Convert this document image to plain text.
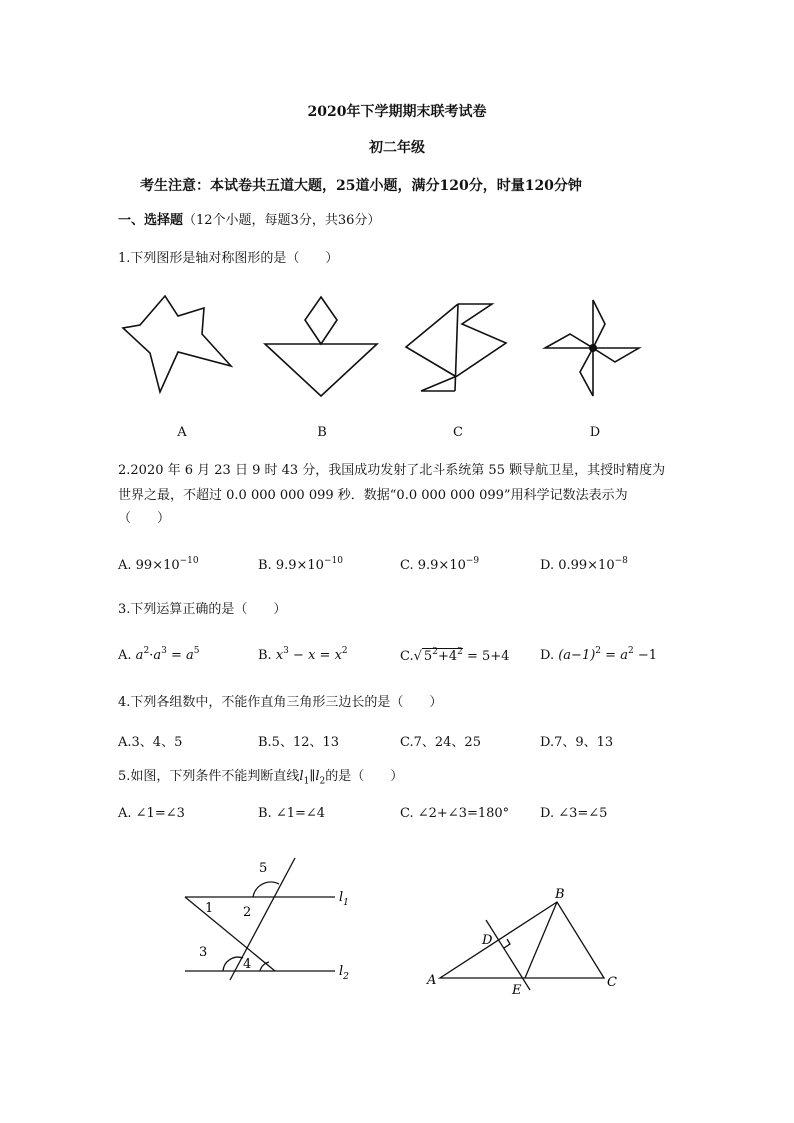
2020年下学期期末联考试卷
初二年级
考生注意：本试卷共五道大题，25道小题，满分120分，时量120分钟
一、选择题（12个小题，每题3分，共36分）
1.下列图形是轴对称图形的是（　　）
A	B	C	D
2.2020 年 6 月 23 日 9 时 43 分，我国成功发射了北斗系统第 55 颗导航卫星，其授时精度为
世界之最，不超过 0.0 000 000 099 秒．数据“0.0 000 000 099”用科学记数法表示为
（　　）
A. $99\times 10^{-10}$	B. $9.9\times 10^{-10}$	C. $9.9\times 10^{-9}$	D. $0.99\times 10^{-8}$
3.下列运算正确的是（　　）
A. $a^2\cdot a^3 = a^5$	B. $x^3 - x = x^2$	C.√ $5^2+4^2 = 5+4$ D. $(a-1)^2 = a^2 -1$
4.下列各组数中，不能作直角三角形三边长的是（　　）
A.3、4、5	B.5、12、13	C.7、24、25	D.7、9、13
5.如图，下列条件不能判断直线$l_1\parallel l_2$的是（　　）
A. ∠1=∠3	B. ∠1=∠4	C. ∠2+∠3=180° D. ∠3=∠5
1 2
3
4
5
$l_1$
$l_2$	A
B
C
D
E
